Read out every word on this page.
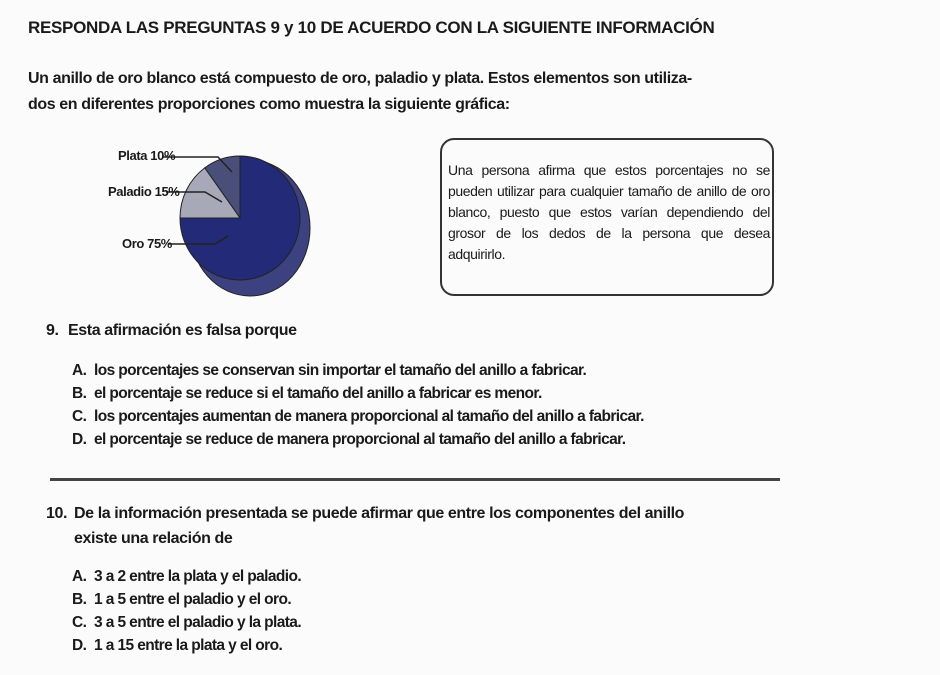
RESPONDA LAS PREGUNTAS 9 y 10 DE ACUERDO CON LA SIGUIENTE INFORMACIÓN
Un anillo de oro blanco está compuesto de oro, paladio y plata. Estos elementos son utiliza-
dos en diferentes proporciones como muestra la siguiente gráfica:
Plata 10%
Paladio 15%
Oro 75%
Una persona afirma que estos porcentajes no se pueden utilizar para cualquier tamaño de anillo de oro blanco, puesto que estos varían dependiendo del grosor de los dedos de la persona que desea adquirirlo.
9. Esta afirmación es falsa porque
A. los porcentajes se conservan sin importar el tamaño del anillo a fabricar.
B. el porcentaje se reduce si el tamaño del anillo a fabricar es menor.
C. los porcentajes aumentan de manera proporcional al tamaño del anillo a fabricar.
D. el porcentaje se reduce de manera proporcional al tamaño del anillo a fabricar.
10. De la información presentada se puede afirmar que entre los componentes del anillo
existe una relación de
A. 3 a 2 entre la plata y el paladio.
B. 1 a 5 entre el paladio y el oro.
C. 3 a 5 entre el paladio y la plata.
D. 1 a 15 entre la plata y el oro.
